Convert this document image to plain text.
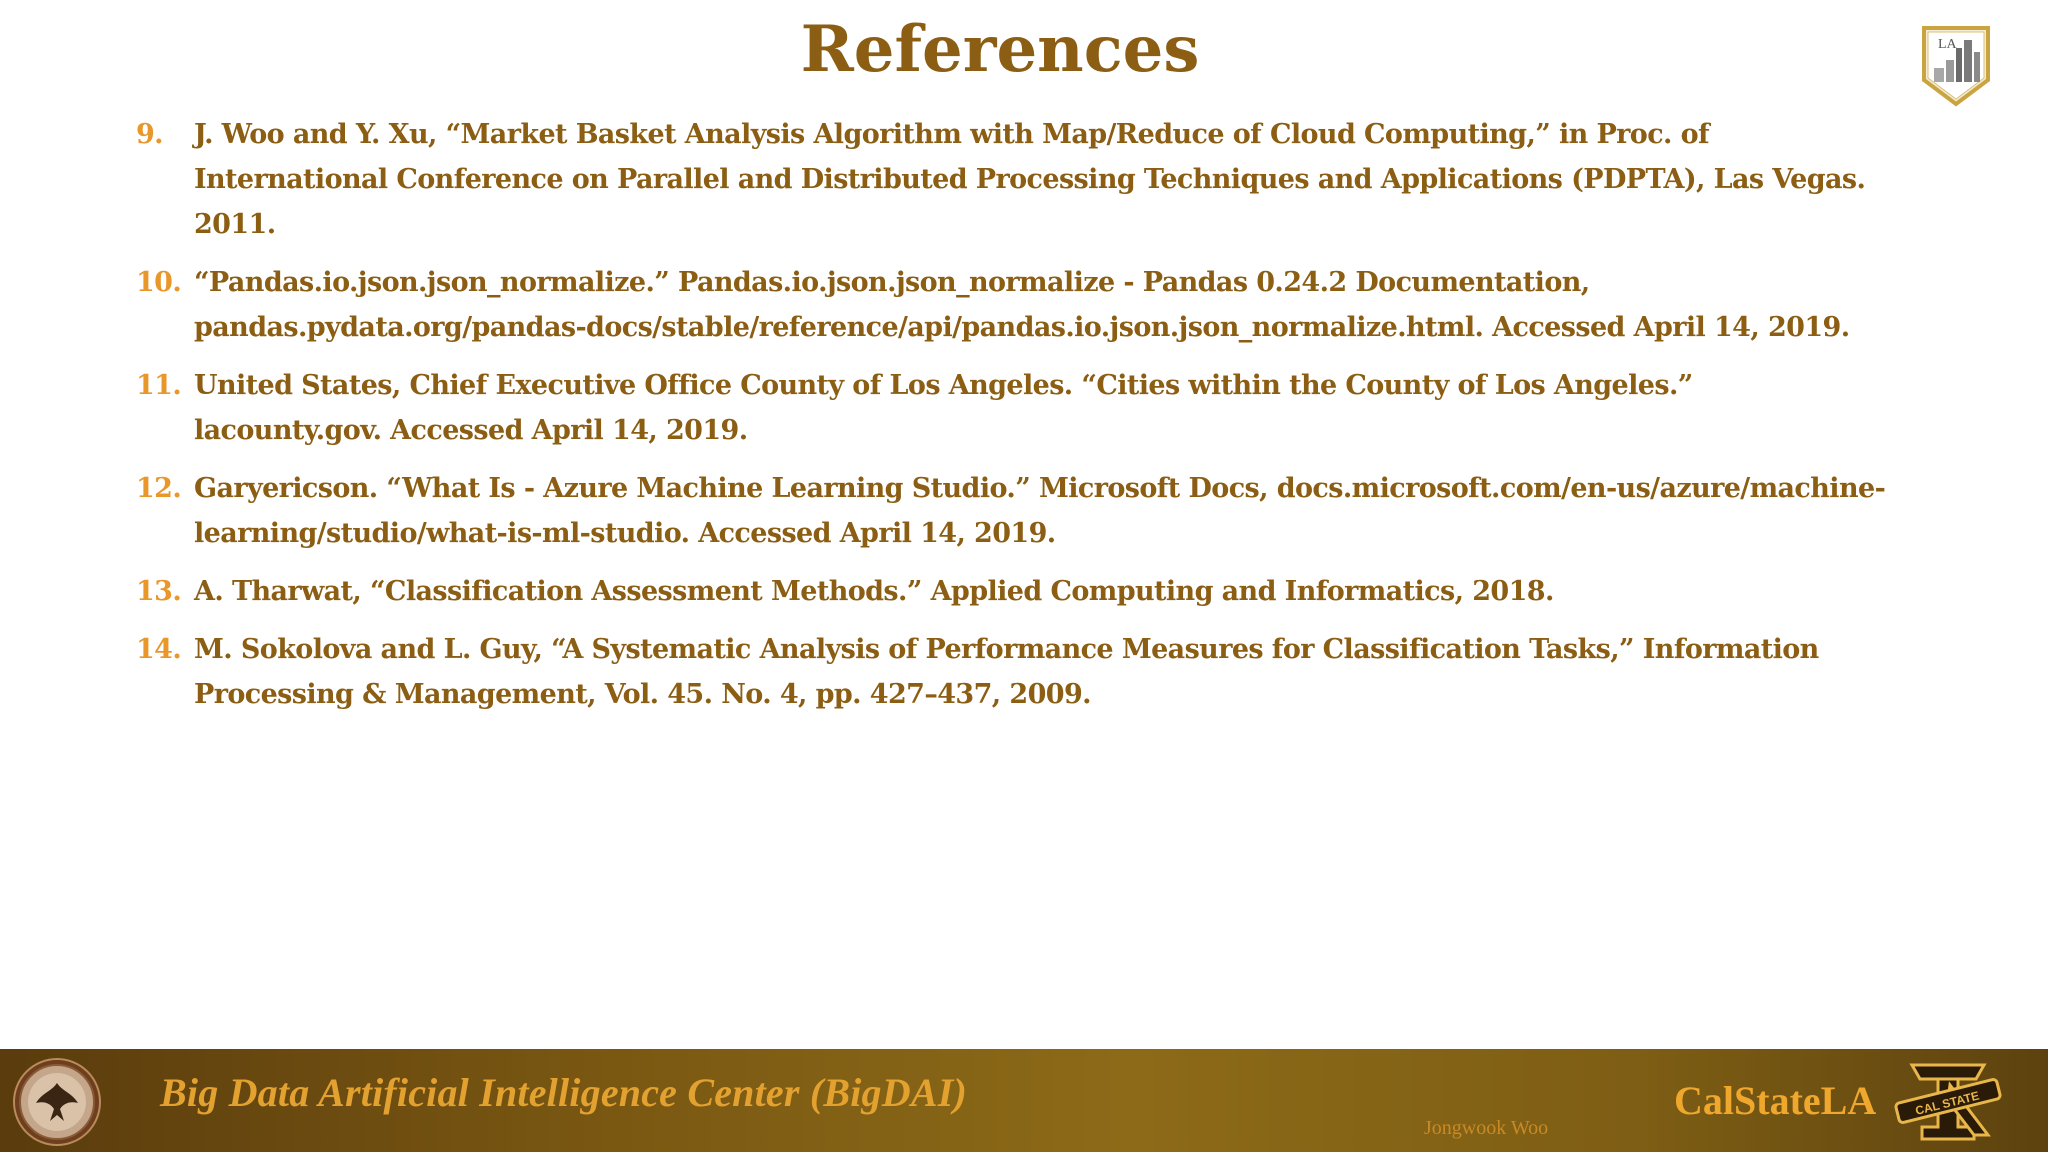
References	LA
9. J. Woo and Y. Xu, “Market Basket Analysis Algorithm with Map/Reduce of Cloud Computing,” in Proc. of International Conference on Parallel and Distributed Processing Techniques and Applications (PDPTA), Las Vegas. 2011.
10. “Pandas.io.json.json_normalize.” Pandas.io.json.json_normalize - Pandas 0.24.2 Documentation, pandas.pydata.org/pandas-docs/stable/reference/api/pandas.io.json.json_normalize.html. Accessed April 14, 2019.
11. United States, Chief Executive Office County of Los Angeles. “Cities within the County of Los Angeles.” lacounty.gov. Accessed April 14, 2019.
12. Garyericson. “What Is - Azure Machine Learning Studio.” Microsoft Docs, docs.microsoft.com/en-us/azure/machine-learning/studio/what-is-ml-studio. Accessed April 14, 2019.
13. A. Tharwat, “Classification Assessment Methods.” Applied Computing and Informatics, 2018.
14. M. Sokolova and L. Guy, “A Systematic Analysis of Performance Measures for Classification Tasks,” Information Processing & Management, Vol. 45. No. 4, pp. 427–437, 2009.
Big Data Artificial Intelligence Center (BigDAI)
Jongwook Woo
CalStateLA	CAL STATE
